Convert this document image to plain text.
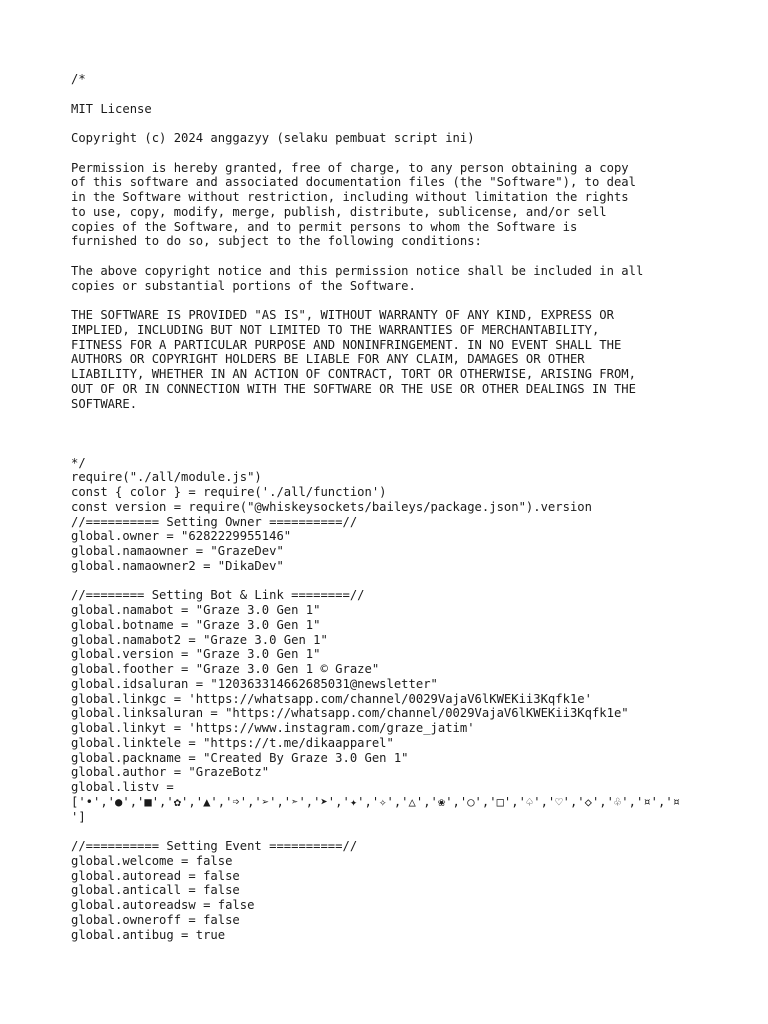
/*
MIT License
Copyright (c) 2024 anggazyy (selaku pembuat script ini)
Permission is hereby granted, free of charge, to any person obtaining a copy
of this software and associated documentation files (the "Software"), to deal
in the Software without restriction, including without limitation the rights
to use, copy, modify, merge, publish, distribute, sublicense, and/or sell
copies of the Software, and to permit persons to whom the Software is
furnished to do so, subject to the following conditions:
The above copyright notice and this permission notice shall be included in all
copies or substantial portions of the Software.
THE SOFTWARE IS PROVIDED "AS IS", WITHOUT WARRANTY OF ANY KIND, EXPRESS OR
IMPLIED, INCLUDING BUT NOT LIMITED TO THE WARRANTIES OF MERCHANTABILITY,
FITNESS FOR A PARTICULAR PURPOSE AND NONINFRINGEMENT. IN NO EVENT SHALL THE
AUTHORS OR COPYRIGHT HOLDERS BE LIABLE FOR ANY CLAIM, DAMAGES OR OTHER
LIABILITY, WHETHER IN AN ACTION OF CONTRACT, TORT OR OTHERWISE, ARISING FROM,
OUT OF OR IN CONNECTION WITH THE SOFTWARE OR THE USE OR OTHER DEALINGS IN THE
SOFTWARE.
*/
require("./all/module.js")
const { color } = require('./all/function')
const version = require("@whiskeysockets/baileys/package.json").version
//========== Setting Owner ==========//
global.owner = "6282229955146"
global.namaowner = "GrazeDev"
global.namaowner2 = "DikaDev"
//======== Setting Bot & Link ========//
global.namabot = "Graze 3.0 Gen 1"
global.botname = "Graze 3.0 Gen 1"
global.namabot2 = "Graze 3.0 Gen 1"
global.version = "Graze 3.0 Gen 1"
global.foother = "Graze 3.0 Gen 1 © Graze"
global.idsaluran = "120363314662685031@newsletter"
global.linkgc = 'https://whatsapp.com/channel/0029VajaV6lKWEKii3Kqfk1e'
global.linksaluran = "https://whatsapp.com/channel/0029VajaV6lKWEKii3Kqfk1e"
global.linkyt = 'https://www.instagram.com/graze_jatim'
global.linktele = "https://t.me/dikaapparel"
global.packname = "Created By Graze 3.0 Gen 1"
global.author = "GrazeBotz"
global.listv =
['•','●','■','✿','▲','➩','➢','➣','➤','✦','✧','△','❀','○','□','♤','♡','◇','♧','¤','¤
']
//========== Setting Event ==========//
global.welcome = false
global.autoread = false
global.anticall = false
global.autoreadsw = false
global.owneroff = false
global.antibug = true
